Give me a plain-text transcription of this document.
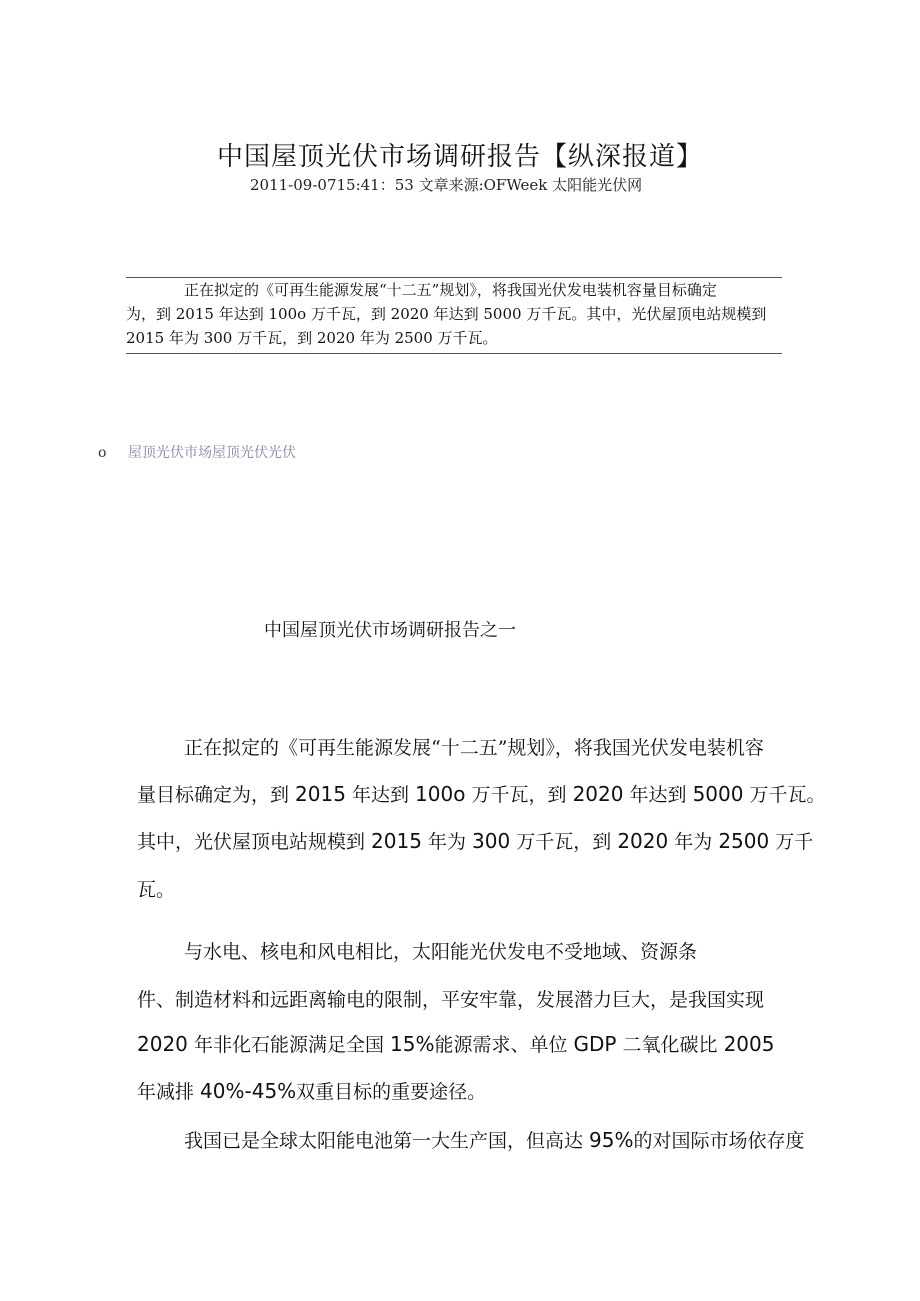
中国屋顶光伏市场调研报告【纵深报道】
2011-09-0715:41：53 文章来源:OFWeek 太阳能光伏网

正在拟定的《可再生能源发展“十二五”规划》，将我国光伏发电装机容量目标确定

为，到 2015 年达到 100o 万千瓦，到 2020 年达到 5000 万千瓦。其中，光伏屋顶电站规模到

2015 年为 300 万千瓦，到 2020 年为 2500 万千瓦。

o 屋顶光伏市场屋顶光伏光伏
中国屋顶光伏市场调研报告之一
正在拟定的《可再生能源发展“十二五”规划》，将我国光伏发电装机容
量目标确定为，到 2015 年达到 100o 万千瓦，到 2020 年达到 5000 万千瓦。
其中，光伏屋顶电站规模到 2015 年为 300 万千瓦，到 2020 年为 2500 万千
瓦。
与水电、核电和风电相比，太阳能光伏发电不受地域、资源条
件、制造材料和远距离输电的限制，平安牢靠，发展潜力巨大，是我国实现
2020 年非化石能源满足全国 15%能源需求、单位 GDP 二氧化碳比 2005
年减排 40%-45%双重目标的重要途径。
我国已是全球太阳能电池第一大生产国，但高达 95%的对国际市场依存度
